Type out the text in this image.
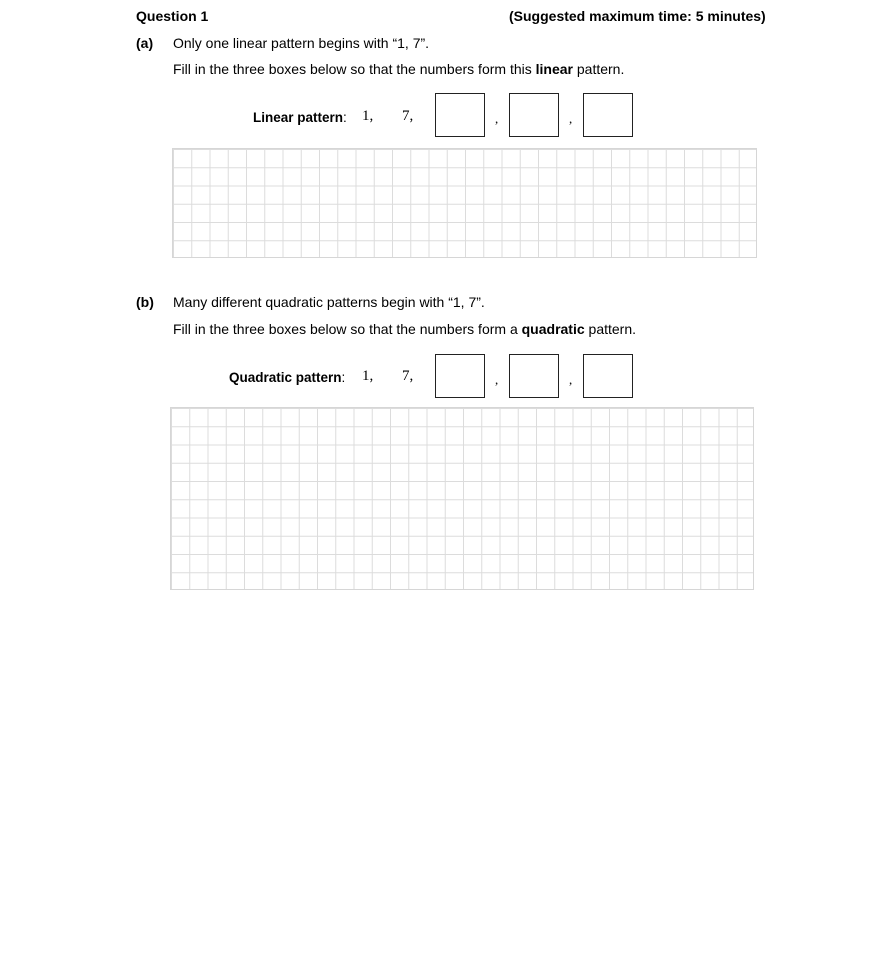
Question 1	(Suggested maximum time: 5 minutes)
(a) Only one linear pattern begins with “1, 7”.
Fill in the three boxes below so that the numbers form this linear pattern.
Linear pattern: 1, 7,	,	,
(b) Many different quadratic patterns begin with “1, 7”.
Fill in the three boxes below so that the numbers form a quadratic pattern.
Quadratic pattern: 1, 7,	,	,
